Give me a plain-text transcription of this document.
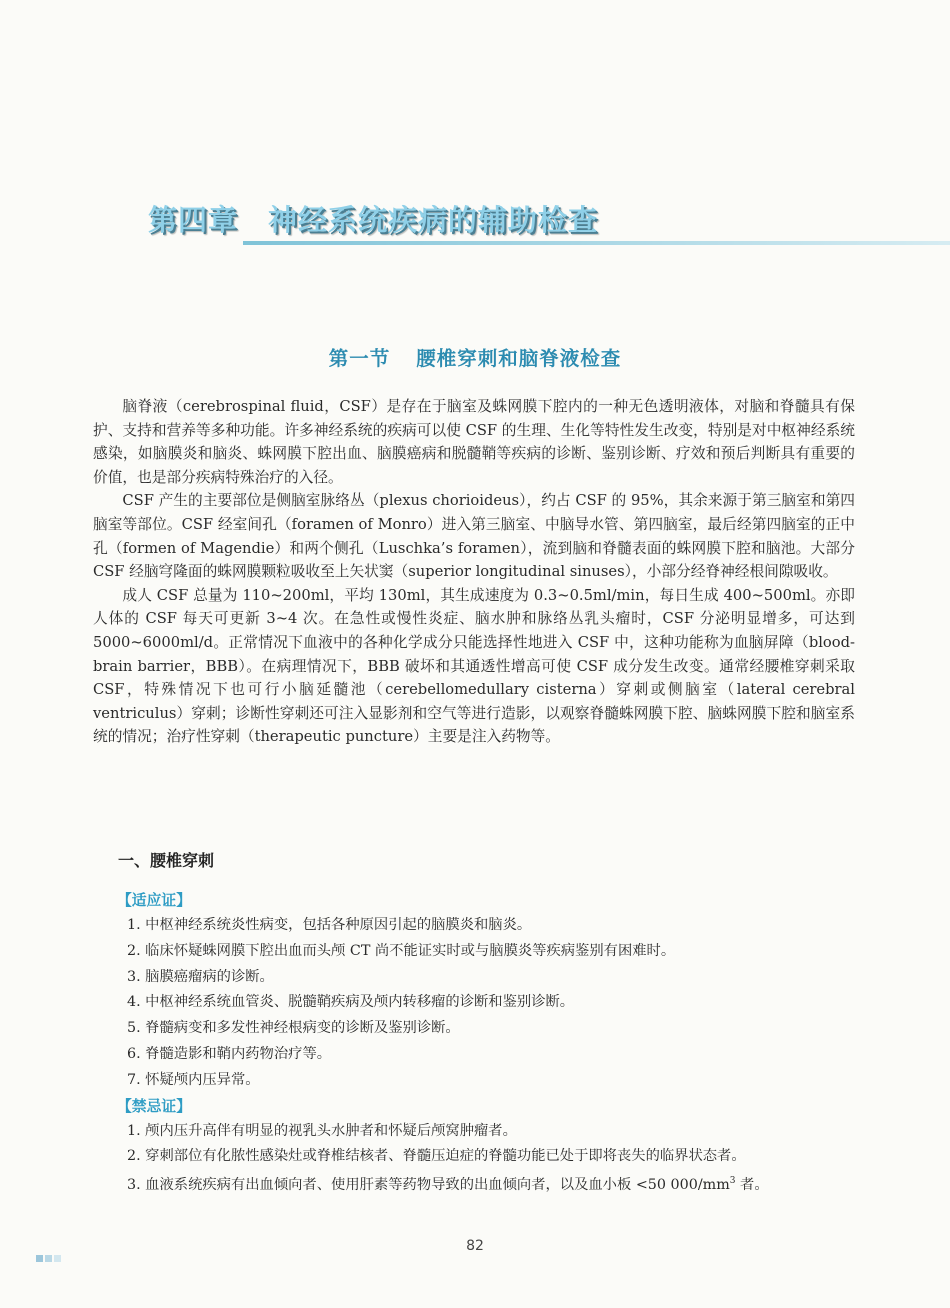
第四章 神经系统疾病的辅助检查
第一节 腰椎穿刺和脑脊液检查

脑脊液（cerebrospinal fluid，CSF）是存在于脑室及蛛网膜下腔内的一种无色透明液体，对脑和脊髓具有保护、支持和营养等多种功能。许多神经系统的疾病可以使 CSF 的生理、生化等特性发生改变，特别是对中枢神经系统感染，如脑膜炎和脑炎、蛛网膜下腔出血、脑膜癌病和脱髓鞘等疾病的诊断、鉴别诊断、疗效和预后判断具有重要的价值，也是部分疾病特殊治疗的入径。

CSF 产生的主要部位是侧脑室脉络丛（plexus chorioideus），约占 CSF 的 95%，其余来源于第三脑室和第四脑室等部位。CSF 经室间孔（foramen of Monro）进入第三脑室、中脑导水管、第四脑室，最后经第四脑室的正中孔（formen of Magendie）和两个侧孔（Luschka’s foramen），流到脑和脊髓表面的蛛网膜下腔和脑池。大部分 CSF 经脑穹隆面的蛛网膜颗粒吸收至上矢状窦（superior longitudinal sinuses），小部分经脊神经根间隙吸收。

成人 CSF 总量为 110~200ml，平均 130ml，其生成速度为 0.3~0.5ml/min，每日生成 400~500ml。亦即人体的 CSF 每天可更新 3~4 次。在急性或慢性炎症、脑水肿和脉络丛乳头瘤时，CSF 分泌明显增多，可达到 5000~6000ml/d。正常情况下血液中的各种化学成分只能选择性地进入 CSF 中，这种功能称为血脑屏障（blood-brain barrier，BBB）。在病理情况下，BBB 破坏和其通透性增高可使 CSF 成分发生改变。通常经腰椎穿刺采取 CSF，特殊情况下也可行小脑延髓池（cerebellomedullary cisterna）穿刺或侧脑室（lateral cerebral ventriculus）穿刺；诊断性穿刺还可注入显影剂和空气等进行造影，以观察脊髓蛛网膜下腔、脑蛛网膜下腔和脑室系统的情况；治疗性穿刺（therapeutic puncture）主要是注入药物等。

一、腰椎穿刺
【适应证】
1. 中枢神经系统炎性病变，包括各种原因引起的脑膜炎和脑炎。
2. 临床怀疑蛛网膜下腔出血而头颅 CT 尚不能证实时或与脑膜炎等疾病鉴别有困难时。
3. 脑膜癌瘤病的诊断。
4. 中枢神经系统血管炎、脱髓鞘疾病及颅内转移瘤的诊断和鉴别诊断。
5. 脊髓病变和多发性神经根病变的诊断及鉴别诊断。
6. 脊髓造影和鞘内药物治疗等。
7. 怀疑颅内压异常。
【禁忌证】
1. 颅内压升高伴有明显的视乳头水肿者和怀疑后颅窝肿瘤者。
2. 穿刺部位有化脓性感染灶或脊椎结核者、脊髓压迫症的脊髓功能已处于即将丧失的临界状态者。
3. 血液系统疾病有出血倾向者、使用肝素等药物导致的出血倾向者，以及血小板 <50 $000/mm^3$ 者。
82
